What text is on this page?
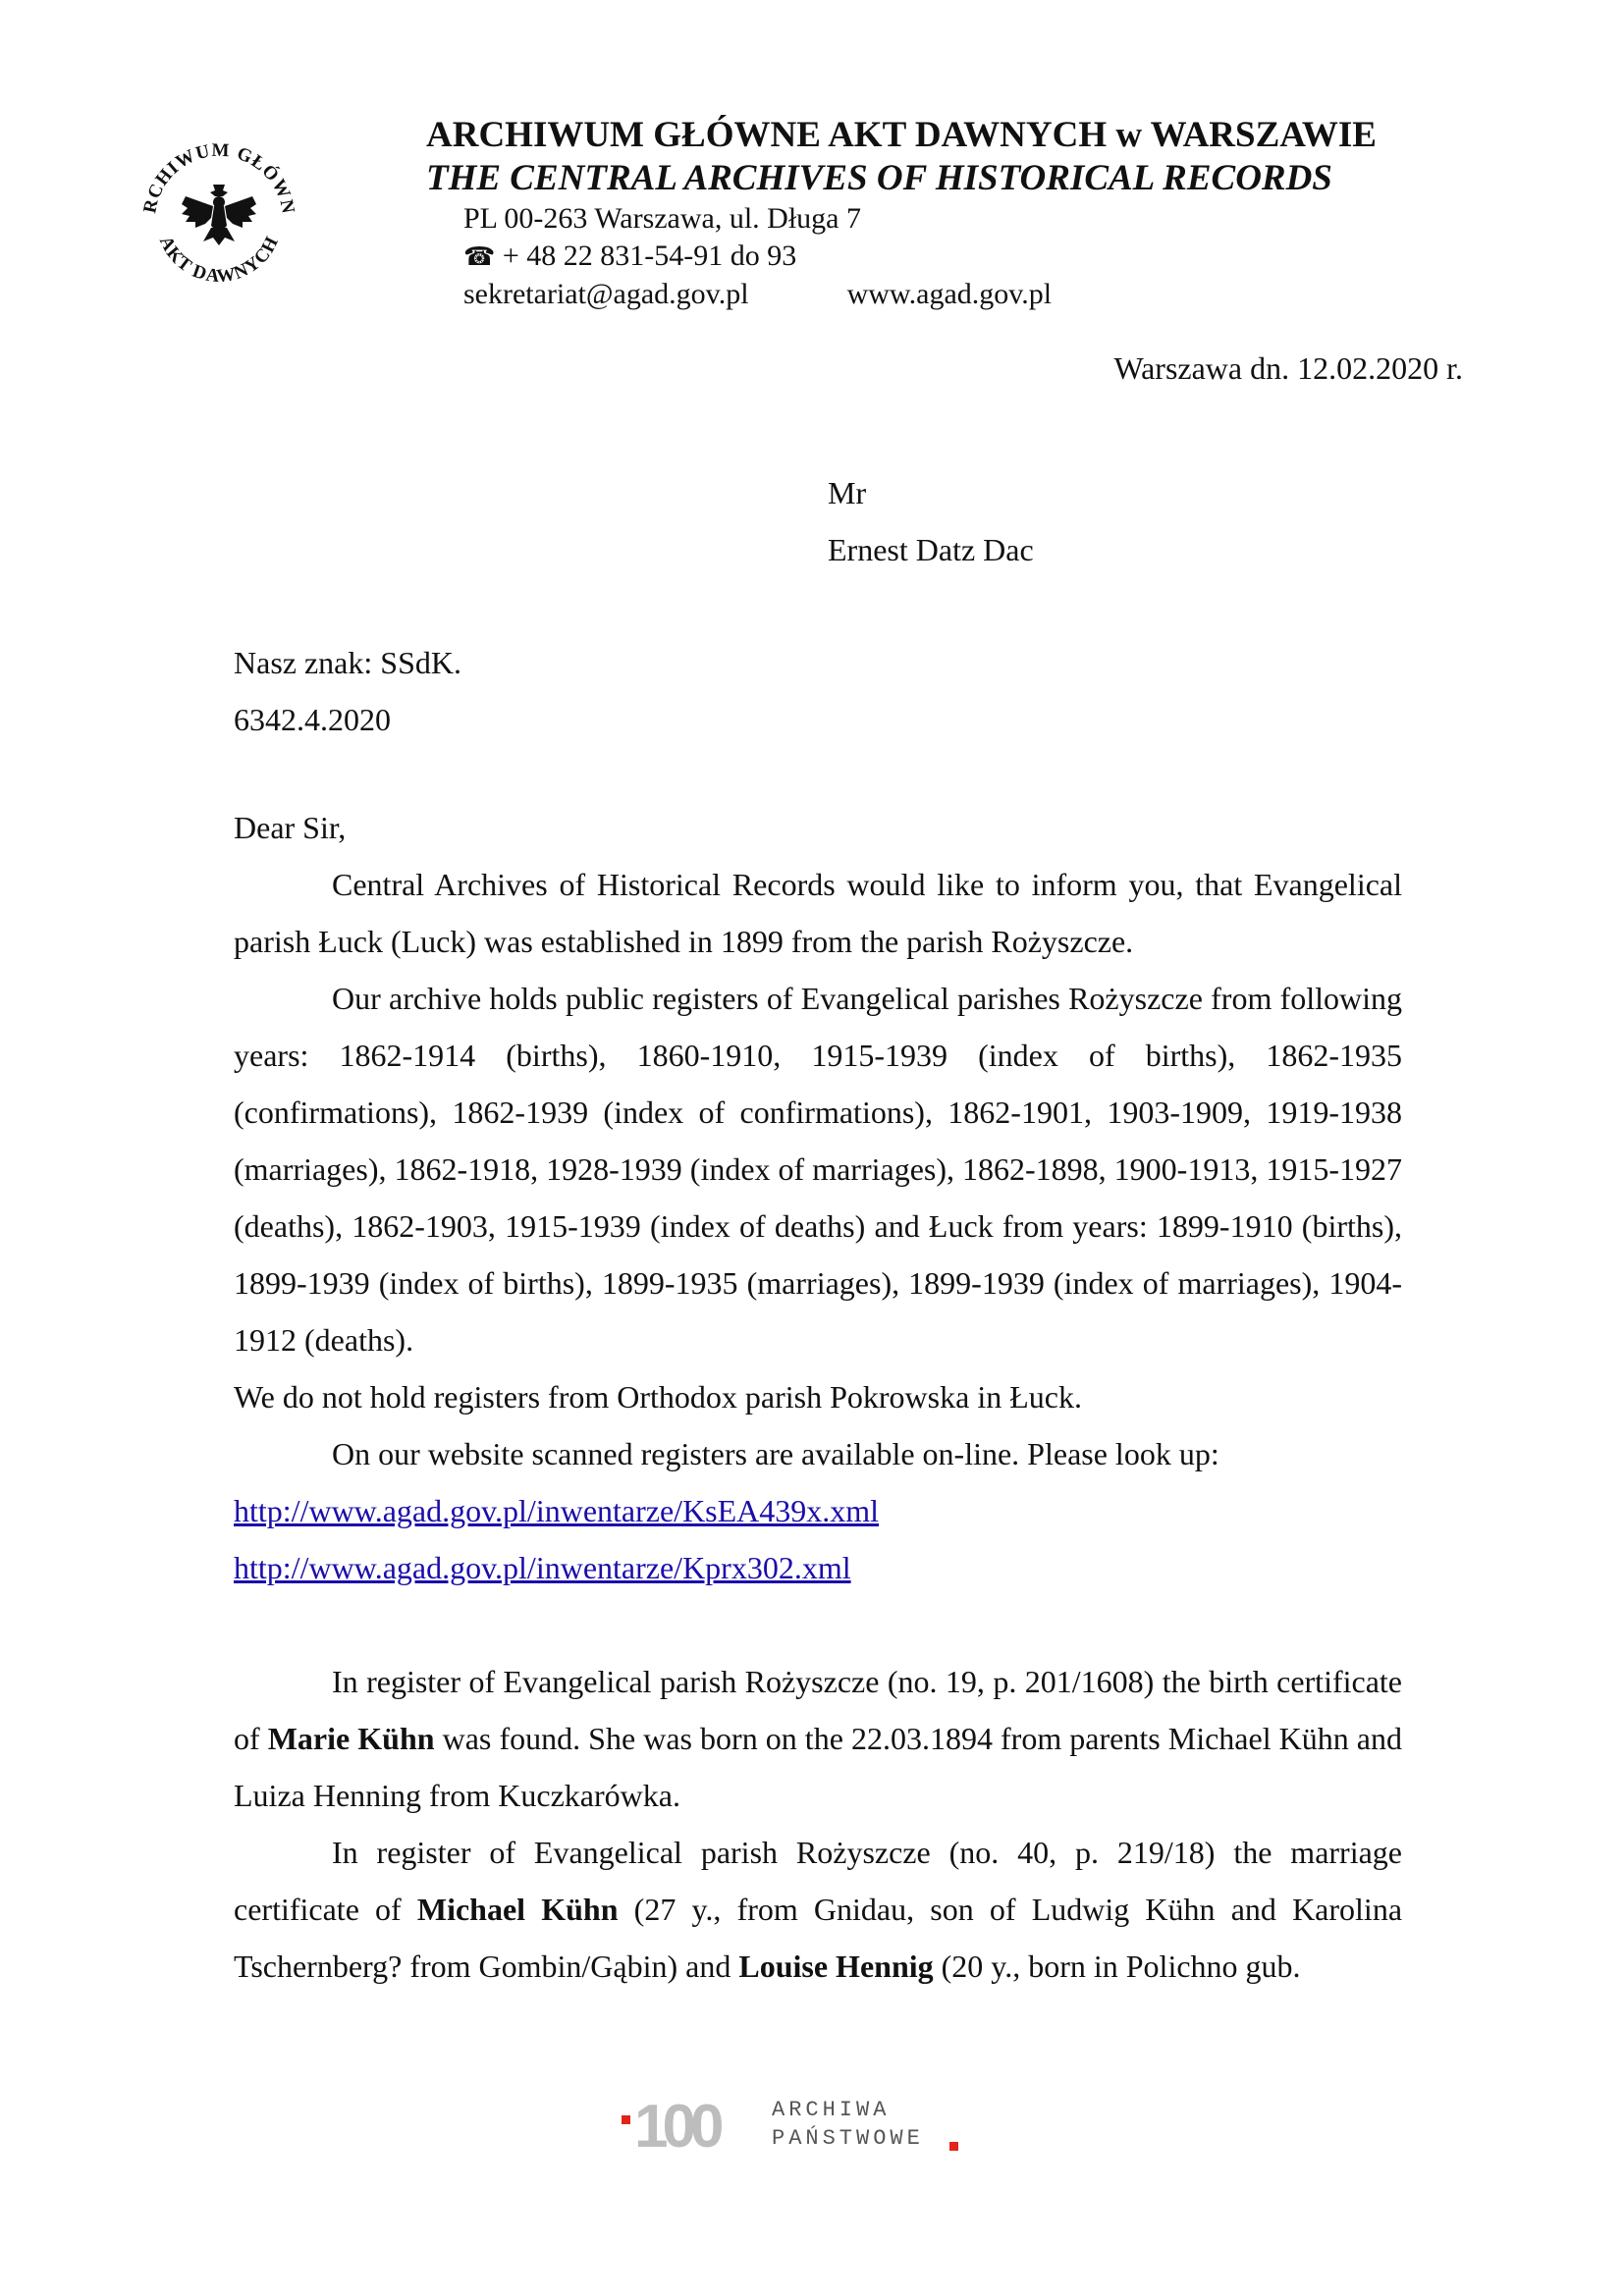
RCHIWUM GŁÓWN
AKT DAWNYCH
ARCHIWUM GŁÓWNE AKT DAWNYCH w WARSZAWIE
THE CENTRAL ARCHIVES OF HISTORICAL RECORDS
PL 00-263 Warszawa, ul. Długa 7
☎ + 48 22 831-54-91 do 93
sekretariat@agad.gov.pl	www.agad.gov.pl
Warszawa dn. 12.02.2020 r.
Mr
Ernest Datz Dac
Nasz znak: SSdK.
6342.4.2020

Dear Sir,

Central Archives of Historical Records would like to inform you, that Evangelical parish Łuck (Luck) was established in 1899 from the parish Rożyszcze.

Our archive holds public registers of Evangelical parishes Rożyszcze from following years: 1862-1914 (births), 1860-1910, 1915-1939 (index of births), 1862-1935 (confirmations), 1862-1939 (index of confirmations), 1862-1901, 1903-1909, 1919-1938 (marriages), 1862-1918, 1928-1939 (index of marriages), 1862-1898, 1900-1913, 1915-1927 (deaths), 1862-1903, 1915-1939 (index of deaths) and Łuck from years: 1899-1910 (births), 1899-1939 (index of births), 1899-1935 (marriages), 1899-1939 (index of marriages), 1904-1912 (deaths).

We do not hold registers from Orthodox parish Pokrowska in Łuck.

On our website scanned registers are available on-line. Please look up:

http://www.agad.gov.pl/inwentarze/KsEA439x.xml

http://www.agad.gov.pl/inwentarze/Kprx302.xml

In register of Evangelical parish Rożyszcze (no. 19, p. 201/1608) the birth certificate of Marie Kühn was found. She was born on the 22.03.1894 from parents Michael Kühn and Luiza Henning from Kuczkarówka.

In register of Evangelical parish Rożyszcze (no. 40, p. 219/18) the marriage certificate of Michael Kühn (27 y., from Gnidau, son of Ludwig Kühn and Karolina Tschernberg? from Gombin/Gąbin) and Louise Hennig (20 y., born in Polichno gub.

100 ARCHIWA
PAŃSTWOWE
